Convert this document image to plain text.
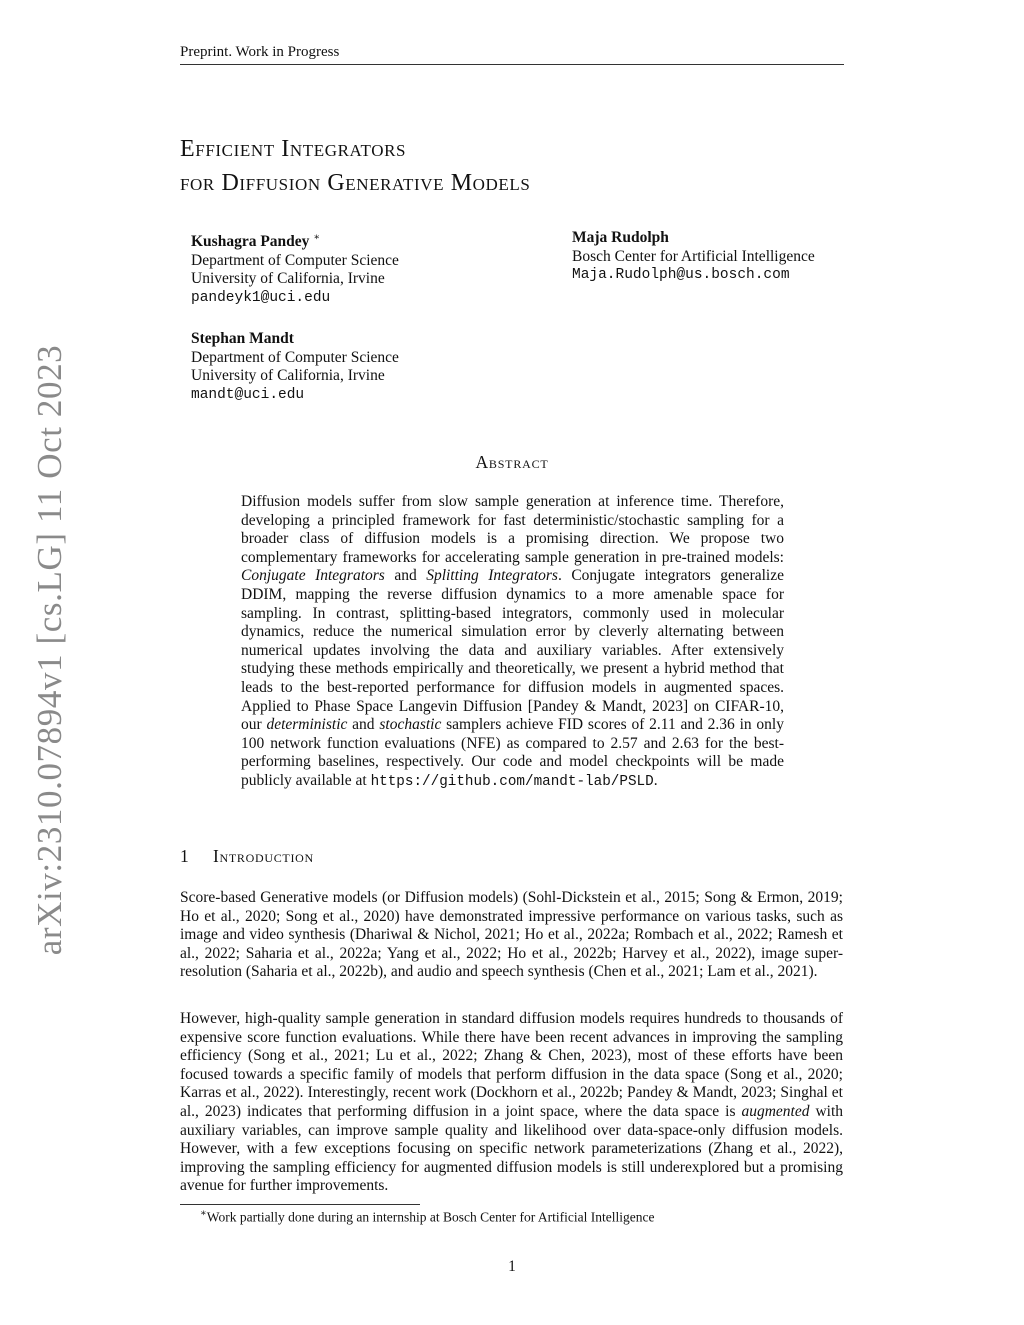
Preprint. Work in Progress
Efficient Integrators
for Diffusion Generative Models
Kushagra Pandey ∗
Department of Computer Science
University of California, Irvine
pandeyk1@uci.edu
Maja Rudolph
Bosch Center for Artificial Intelligence
Maja.Rudolph@us.bosch.com
Stephan Mandt
Department of Computer Science
University of California, Irvine
mandt@uci.edu
arXiv:2310.07894v1 [cs.LG] 11 Oct 2023	Abstract
Diffusion models suffer from slow sample generation at inference time. Therefore, developing a principled framework for fast deterministic/stochastic sampling for a broader class of diffusion models is a promising direction. We propose two complementary frameworks for accelerating sample generation in pre-trained models: Conjugate Integrators and Splitting Integrators. Conjugate integrators generalize DDIM, mapping the reverse diffusion dynamics to a more amenable space for sampling. In contrast, splitting-based integrators, commonly used in molecular dynamics, reduce the numerical simulation error by cleverly alternating between numerical updates involving the data and auxiliary variables. After extensively studying these methods empirically and theoretically, we present a hybrid method that leads to the best-reported performance for diffusion models in augmented spaces. Applied to Phase Space Langevin Diffusion [Pandey & Mandt, 2023] on CIFAR-10, our deterministic and stochastic samplers achieve FID scores of 2.11 and 2.36 in only 100 network function evaluations (NFE) as compared to 2.57 and 2.63 for the best-performing baselines, respectively. Our code and model checkpoints will be made publicly available at https://github.com/mandt-lab/PSLD.
1 Introduction
Score-based Generative models (or Diffusion models) (Sohl-Dickstein et al., 2015; Song & Ermon, 2019; Ho et al., 2020; Song et al., 2020) have demonstrated impressive performance on various tasks, such as image and video synthesis (Dhariwal & Nichol, 2021; Ho et al., 2022a; Rombach et al., 2022; Ramesh et al., 2022; Saharia et al., 2022a; Yang et al., 2022; Ho et al., 2022b; Harvey et al., 2022), image super-resolution (Saharia et al., 2022b), and audio and speech synthesis (Chen et al., 2021; Lam et al., 2021).
However, high-quality sample generation in standard diffusion models requires hundreds to thousands of expensive score function evaluations. While there have been recent advances in improving the sampling efficiency (Song et al., 2021; Lu et al., 2022; Zhang & Chen, 2023), most of these efforts have been focused towards a specific family of models that perform diffusion in the data space (Song et al., 2020; Karras et al., 2022). Interestingly, recent work (Dockhorn et al., 2022b; Pandey & Mandt, 2023; Singhal et al., 2023) indicates that performing diffusion in a joint space, where the data space is augmented with auxiliary variables, can improve sample quality and likelihood over data-space-only diffusion models. However, with a few exceptions focusing on specific network parameterizations (Zhang et al., 2022), improving the sampling efficiency for augmented diffusion models is still underexplored but a promising avenue for further improvements.
∗Work partially done during an internship at Bosch Center for Artificial Intelligence
1
